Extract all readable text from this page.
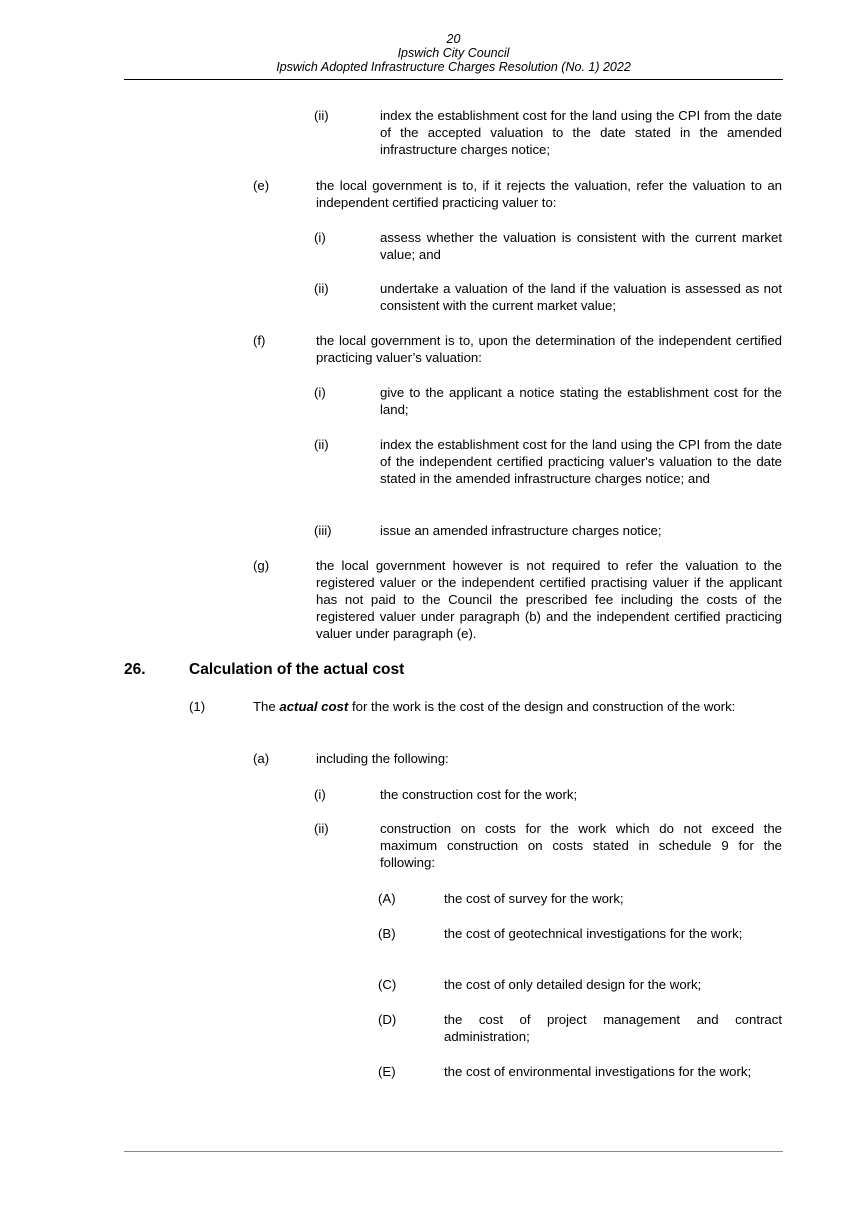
20
Ipswich City Council
Ipswich Adopted Infrastructure Charges Resolution (No. 1) 2022
(ii)	index the establishment cost for the land using the CPI from the date of the accepted valuation to the date stated in the amended infrastructure charges notice;
(e)	the local government is to, if it rejects the valuation, refer the valuation to an independent certified practicing valuer to:
(i)	assess whether the valuation is consistent with the current market value; and
(ii)	undertake a valuation of the land if the valuation is assessed as not consistent with the current market value;
(f)	the local government is to, upon the determination of the independent certified practicing valuer’s valuation:
(i)	give to the applicant a notice stating the establishment cost for the land;
(ii)	index the establishment cost for the land using the CPI from the date of the independent certified practicing valuer's valuation to the date stated in the amended infrastructure charges notice; and
(iii)	issue an amended infrastructure charges notice;
(g)	the local government however is not required to refer the valuation to the registered valuer or the independent certified practising valuer if the applicant has not paid to the Council the prescribed fee including the costs of the registered valuer under paragraph (b) and the independent certified practicing valuer under paragraph (e).
26.	Calculation of the actual cost
(1)	The actual cost for the work is the cost of the design and construction of the work:
(a)	including the following:
(i)	the construction cost for the work;
(ii)	construction on costs for the work which do not exceed the maximum construction on costs stated in schedule 9 for the following:
(A)	the cost of survey for the work;
(B)	the cost of geotechnical investigations for the work;
(C)	the cost of only detailed design for the work;
(D)	the cost of project management and contract administration;
(E)	the cost of environmental investigations for the work;
